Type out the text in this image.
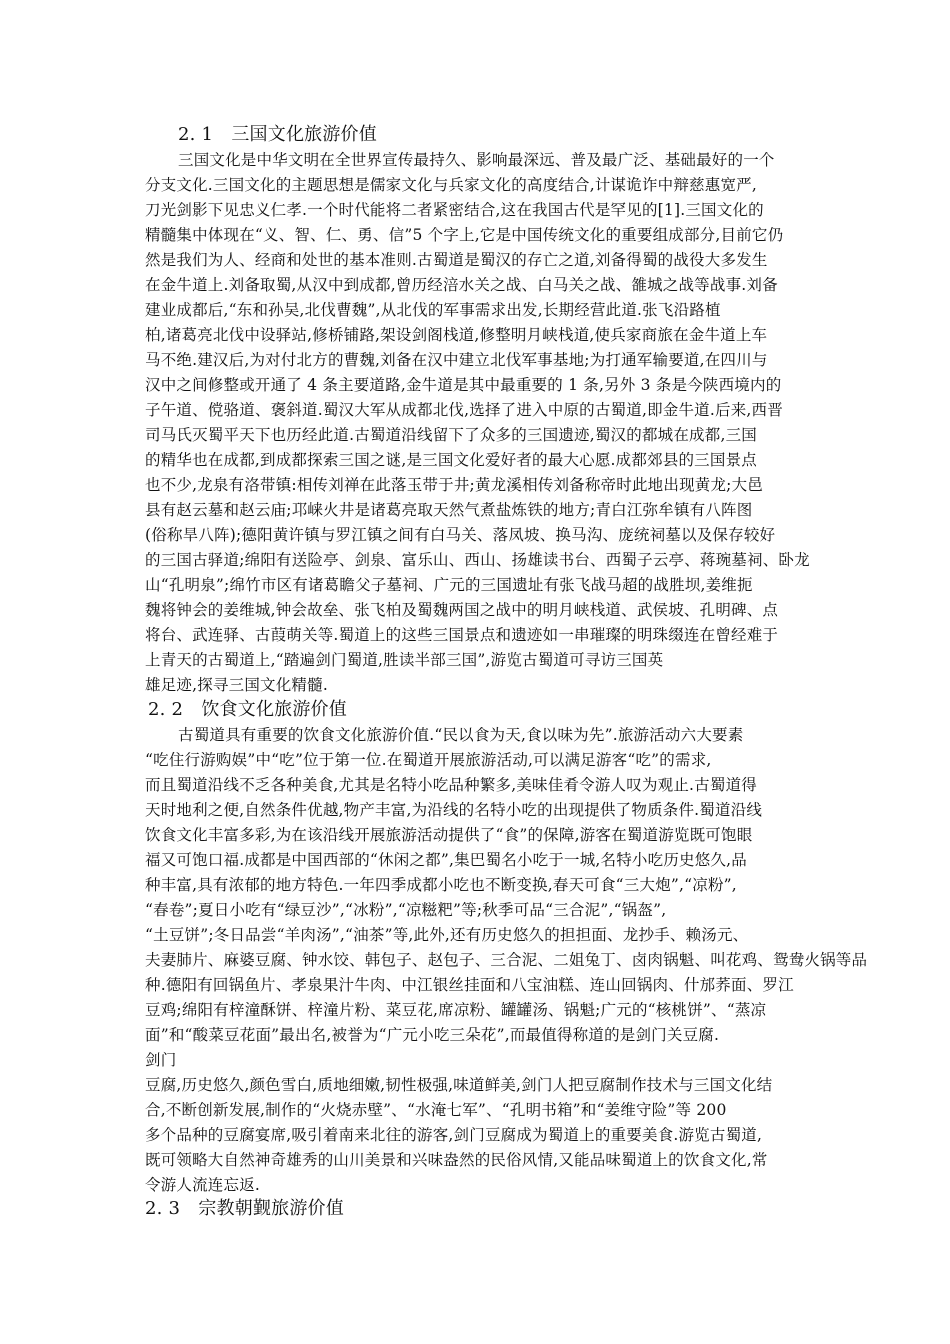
2. 1　三国文化旅游价值
三国文化是中华文明在全世界宣传最持久、影响最深远、普及最广泛、基础最好的一个
分支文化.三国文化的主题思想是儒家文化与兵家文化的高度结合,计谋诡诈中辩慈惠宽严,
刀光剑影下见忠义仁孝.一个时代能将二者紧密结合,这在我国古代是罕见的[1].三国文化的
精髓集中体现在“义、智、仁、勇、信”5 个字上,它是中国传统文化的重要组成部分,目前它仍
然是我们为人、经商和处世的基本准则.古蜀道是蜀汉的存亡之道,刘备得蜀的战役大多发生
在金牛道上.刘备取蜀,从汉中到成都,曾历经涪水关之战、白马关之战、雒城之战等战事.刘备
建业成都后,“东和孙吴,北伐曹魏”,从北伐的军事需求出发,长期经营此道.张飞沿路植
柏,诸葛亮北伐中设驿站,修桥铺路,架设剑阁栈道,修整明月峡栈道,使兵家商旅在金牛道上车
马不绝.建汉后,为对付北方的曹魏,刘备在汉中建立北伐军事基地;为打通军输要道,在四川与
汉中之间修整或开通了 4 条主要道路,金牛道是其中最重要的 1 条,另外 3 条是今陕西境内的
子午道、傥骆道、褒斜道.蜀汉大军从成都北伐,选择了进入中原的古蜀道,即金牛道.后来,西晋
司马氏灭蜀平天下也历经此道.古蜀道沿线留下了众多的三国遗迹,蜀汉的都城在成都,三国
的精华也在成都,到成都探索三国之谜,是三国文化爱好者的最大心愿.成都郊县的三国景点
也不少,龙泉有洛带镇:相传刘禅在此落玉带于井;黄龙溪相传刘备称帝时此地出现黄龙;大邑
县有赵云墓和赵云庙;邛崃火井是诸葛亮取天然气煮盐炼铁的地方;青白江弥牟镇有八阵图
(俗称旱八阵);德阳黄许镇与罗江镇之间有白马关、落凤坡、换马沟、庞统祠墓以及保存较好
的三国古驿道;绵阳有送险亭、剑泉、富乐山、西山、扬雄读书台、西蜀子云亭、蒋琬墓祠、卧龙
山“孔明泉”;绵竹市区有诸葛瞻父子墓祠、广元的三国遗址有张飞战马超的战胜坝,姜维扼
魏将钟会的姜维城,钟会故垒、张飞柏及蜀魏两国之战中的明月峡栈道、武侯坡、孔明碑、点
将台、武连驿、古葭萌关等.蜀道上的这些三国景点和遗迹如一串璀璨的明珠缀连在曾经难于
上青天的古蜀道上,“踏遍剑门蜀道,胜读半部三国”,游览古蜀道可寻访三国英
雄足迹,探寻三国文化精髓.
2. 2　饮食文化旅游价值
古蜀道具有重要的饮食文化旅游价值.“民以食为天,食以味为先”.旅游活动六大要素
“吃住行游购娱”中“吃”位于第一位.在蜀道开展旅游活动,可以满足游客“吃”的需求,
而且蜀道沿线不乏各种美食,尤其是名特小吃品种繁多,美味佳肴令游人叹为观止.古蜀道得
天时地利之便,自然条件优越,物产丰富,为沿线的名特小吃的出现提供了物质条件.蜀道沿线
饮食文化丰富多彩,为在该沿线开展旅游活动提供了“食”的保障,游客在蜀道游览既可饱眼
福又可饱口福.成都是中国西部的“休闲之都”,集巴蜀名小吃于一城,名特小吃历史悠久,品
种丰富,具有浓郁的地方特色.一年四季成都小吃也不断变换,春天可食“三大炮”,“凉粉”,
“春卷”;夏日小吃有“绿豆沙”,“冰粉”,“凉糍粑”等;秋季可品“三合泥”,“锅盔”,
“土豆饼”;冬日品尝“羊肉汤”,“油茶”等,此外,还有历史悠久的担担面、龙抄手、赖汤元、
夫妻肺片、麻婆豆腐、钟水饺、韩包子、赵包子、三合泥、二姐兔丁、卤肉锅魁、叫花鸡、鸳鸯火锅等品
种.德阳有回锅鱼片、孝泉果汁牛肉、中江银丝挂面和八宝油糕、连山回锅肉、什邡荞面、罗江
豆鸡;绵阳有梓潼酥饼、梓潼片粉、菜豆花,席凉粉、罐罐汤、锅魁;广元的“核桃饼”、“蒸凉
面”和“酸菜豆花面”最出名,被誉为“广元小吃三朵花”,而最值得称道的是剑门关豆腐.
剑门
豆腐,历史悠久,颜色雪白,质地细嫩,韧性极强,味道鲜美,剑门人把豆腐制作技术与三国文化结
合,不断创新发展,制作的“火烧赤壁”、“水淹七军”、“孔明书箱”和“姜维守险”等 200
多个品种的豆腐宴席,吸引着南来北往的游客,剑门豆腐成为蜀道上的重要美食.游览古蜀道,
既可领略大自然神奇雄秀的山川美景和兴味盎然的民俗风情,又能品味蜀道上的饮食文化,常
令游人流连忘返.
2. 3　宗教朝觐旅游价值
